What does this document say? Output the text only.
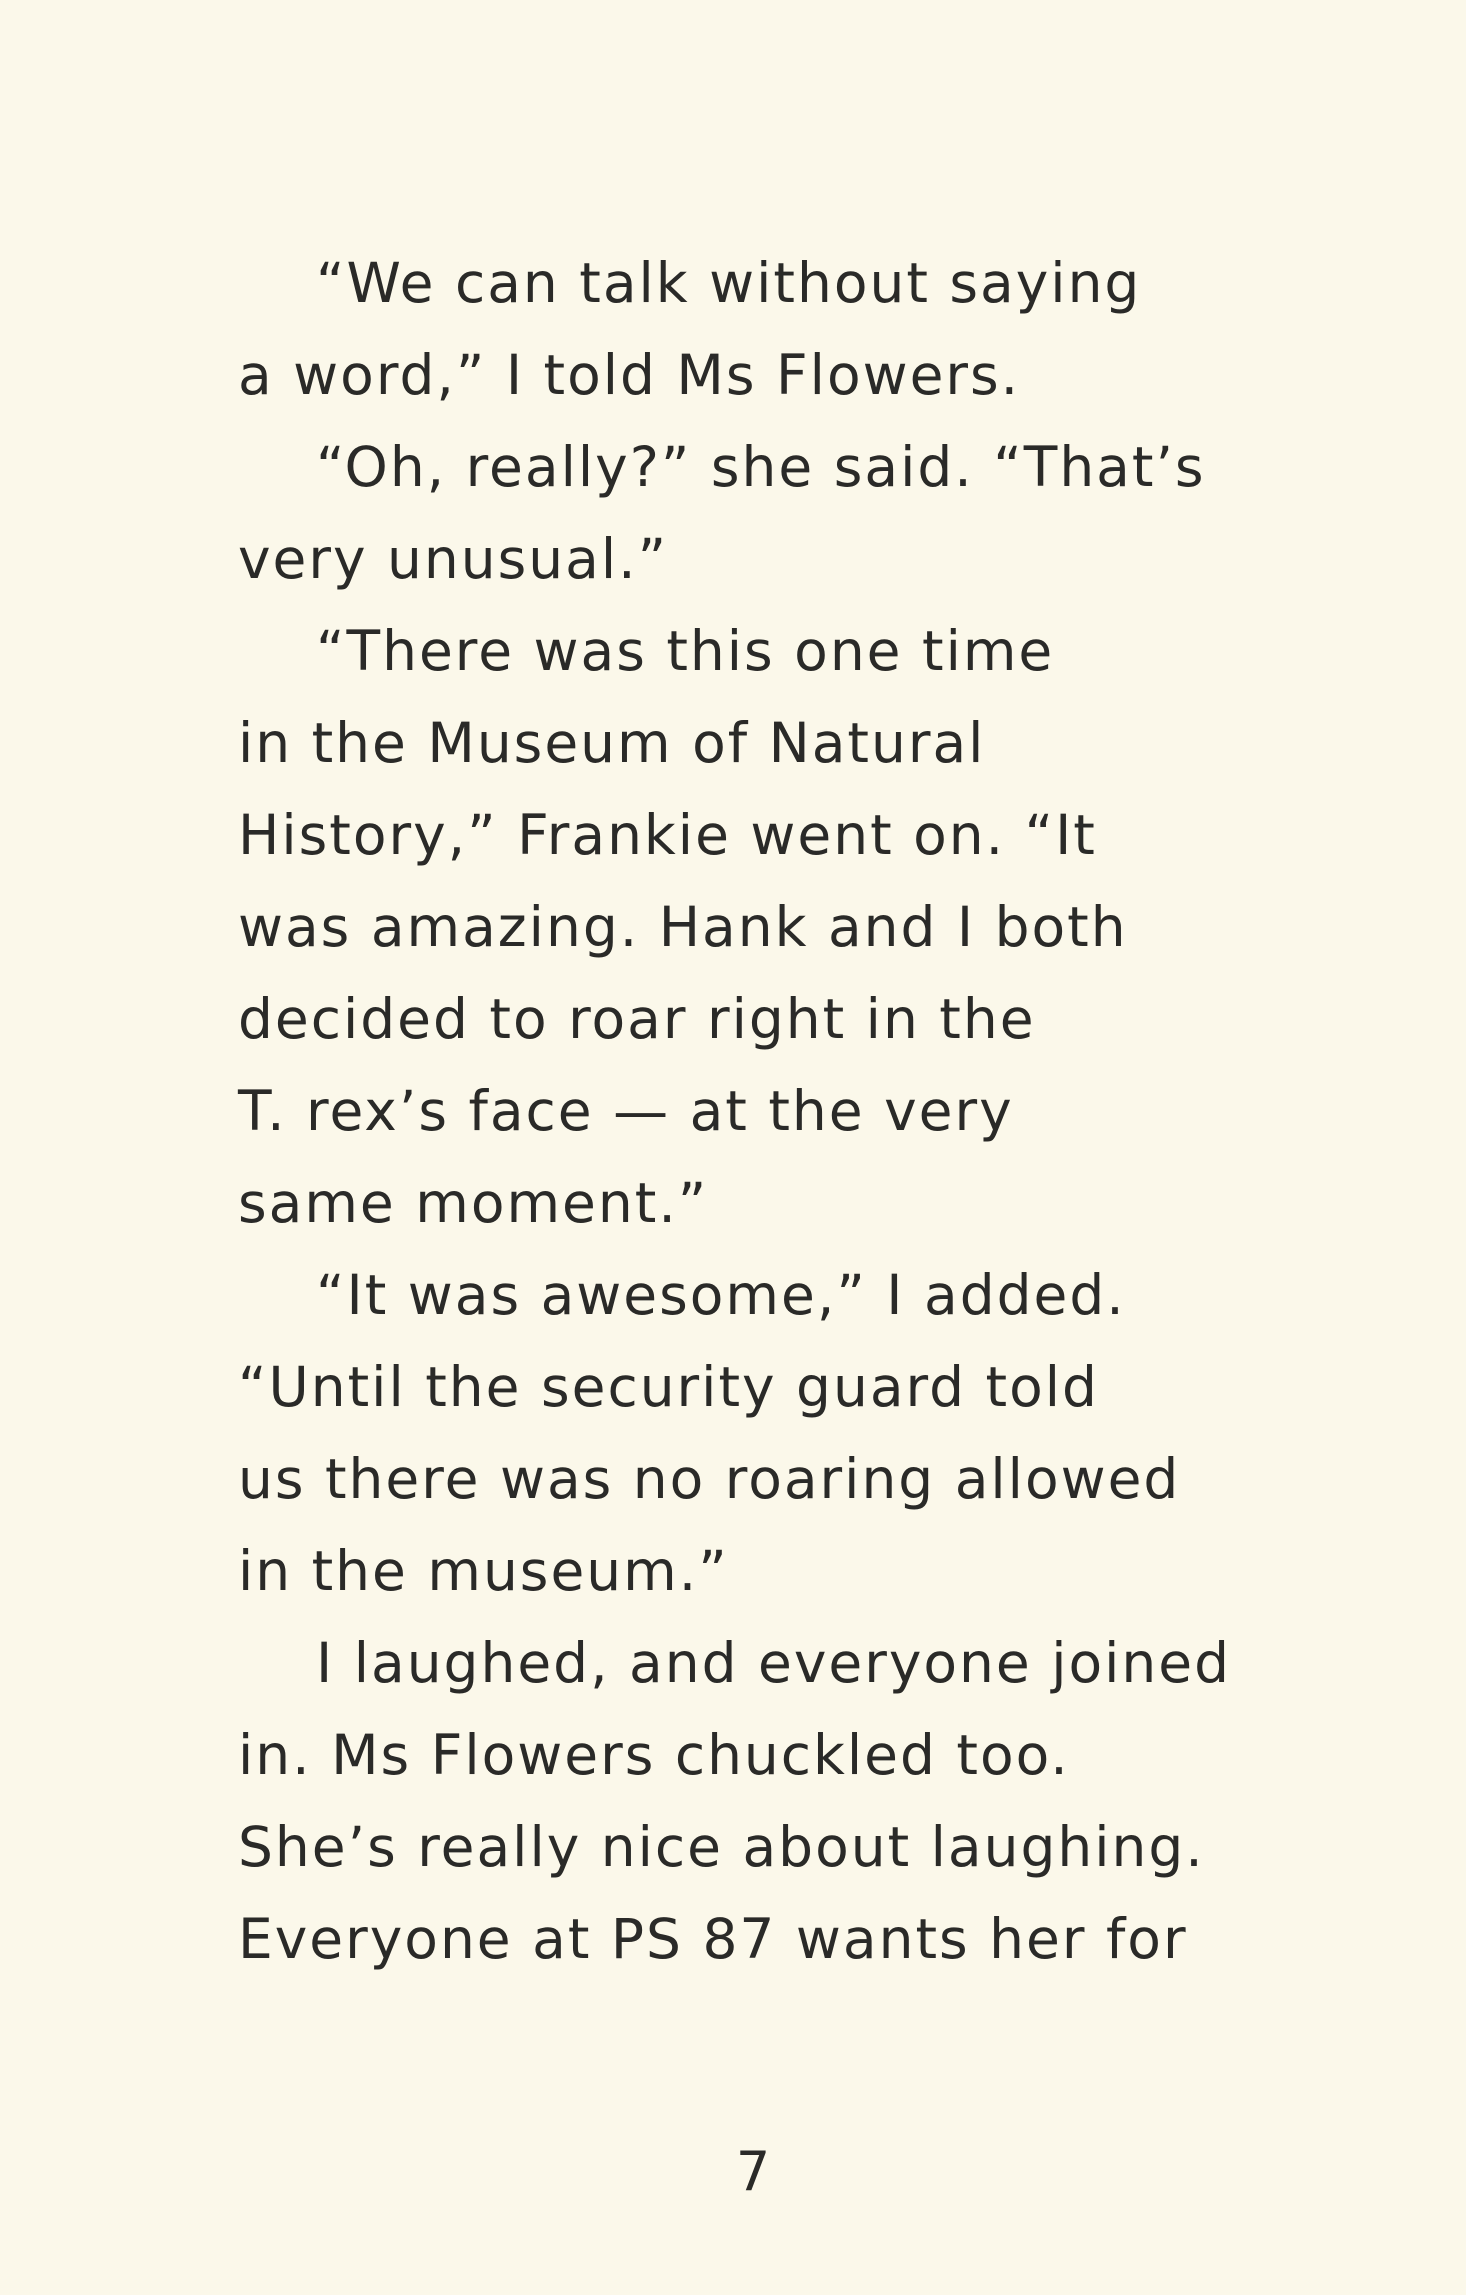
“We can talk without saying
a word,” I told Ms Flowers.
“Oh, really?” she said. “That’s
very unusual.”
“There was this one time
in the Museum of Natural
History,” Frankie went on. “It
was amazing. Hank and I both
decided to roar right in the
T. rex’s face — at the very
same moment.”
“It was awesome,” I added.
“Until the security guard told
us there was no roaring allowed
in the museum.”
I laughed, and everyone joined
in. Ms Flowers chuckled too.
She’s really nice about laughing.
Everyone at PS 87 wants her for
7
